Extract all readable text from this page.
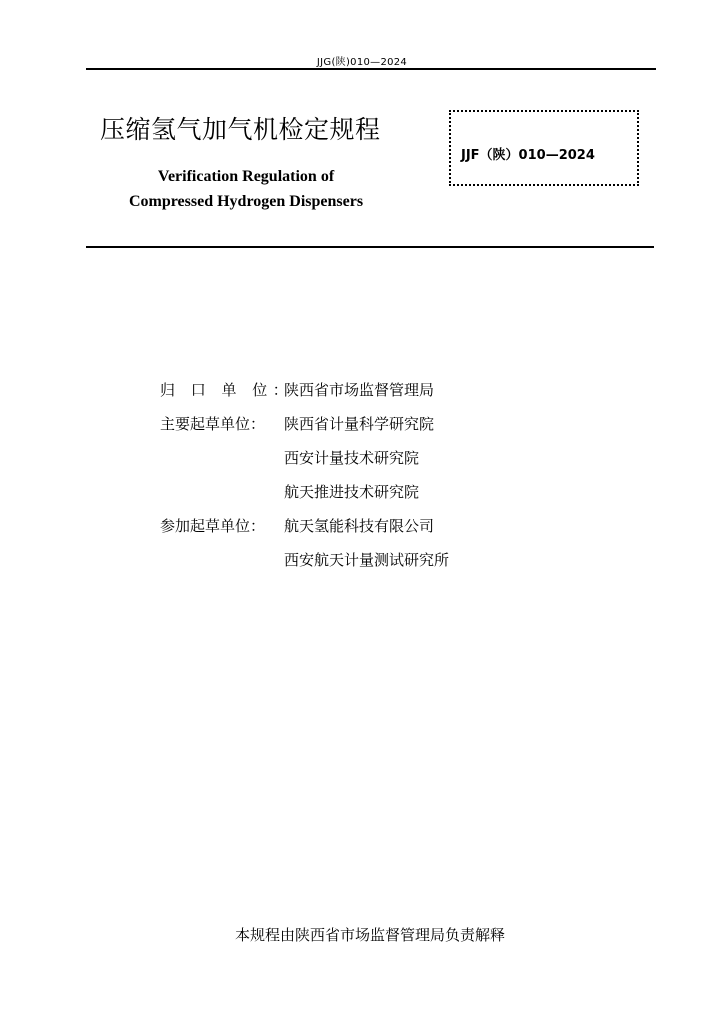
JJG(陕)010—2024
压缩氢气加气机检定规程
Verification Regulation of
Compressed Hydrogen Dispensers
JJF（陕）010—2024
归 口 单 位：
陕西省市场监督管理局
主要起草单位：	陕西省计量科学研究院
西安计量技术研究院
航天推进技术研究院
参加起草单位：	航天氢能科技有限公司
西安航天计量测试研究所
本规程由陕西省市场监督管理局负责解释
